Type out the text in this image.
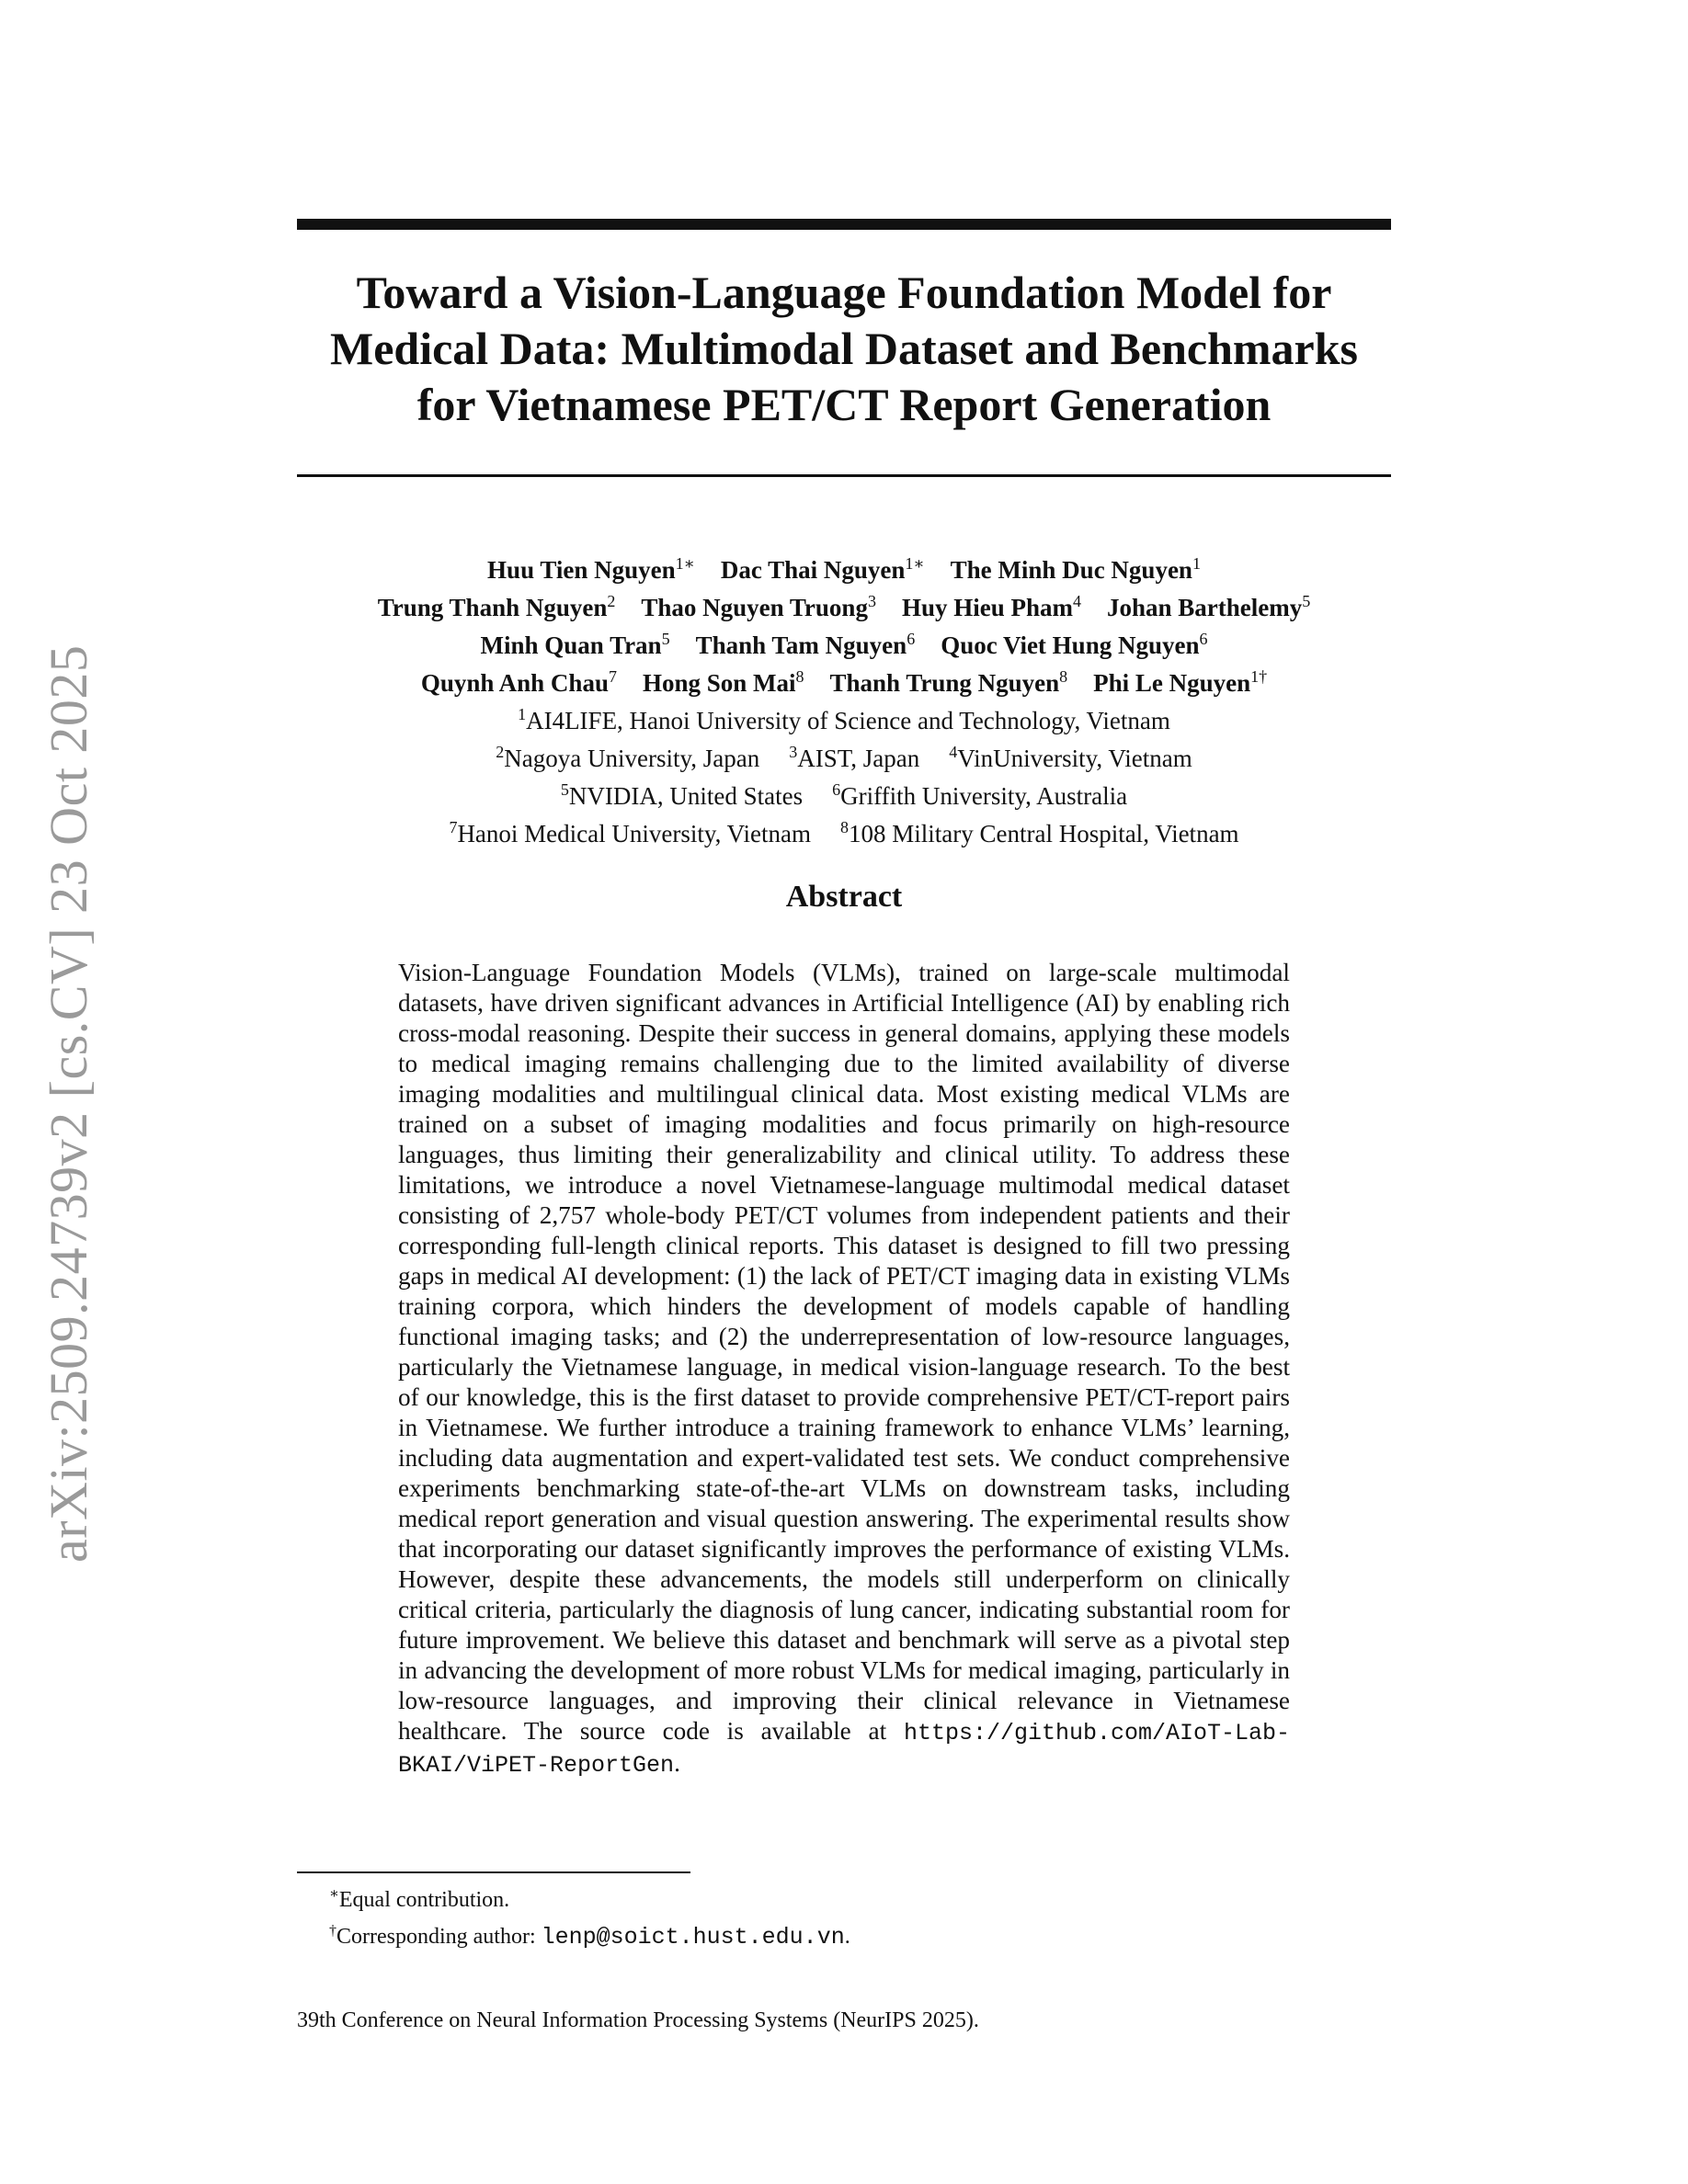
arXiv:2509.24739v2 [cs.CV] 23 Oct 2025
Toward a Vision-Language Foundation Model for
Medical Data: Multimodal Dataset and Benchmarks
for Vietnamese PET/CT Report Generation
Huu Tien Nguyen$^{1∗}$ Dac Thai Nguyen$^{1∗}$ The Minh Duc Nguyen$^1$
Trung Thanh Nguyen$^2$ Thao Nguyen Truong$^3$ Huy Hieu Pham$^4$ Johan Barthelemy$^5$
Minh Quan Tran$^5$ Thanh Tam Nguyen$^6$ Quoc Viet Hung Nguyen$^6$
Quynh Anh Chau$^7$ Hong Son Mai$^8$ Thanh Trung Nguyen$^8$ Phi Le Nguyen$^{1\dagger}$
$^1$AI4LIFE, Hanoi University of Science and Technology, Vietnam
$^2$Nagoya University, Japan $^3$AIST, Japan $^4$VinUniversity, Vietnam
$^5$NVIDIA, United States $^6$Griffith University, Australia
$^7$Hanoi Medical University, Vietnam $^8$108 Military Central Hospital, Vietnam
Abstract
Vision-Language Foundation Models (VLMs), trained on large-scale multimodal datasets, have driven significant advances in Artificial Intelligence (AI) by enabling rich cross-modal reasoning. Despite their success in general domains, applying these models to medical imaging remains challenging due to the limited availability of diverse imaging modalities and multilingual clinical data. Most existing medical VLMs are trained on a subset of imaging modalities and focus primarily on high-resource languages, thus limiting their generalizability and clinical utility. To address these limitations, we introduce a novel Vietnamese-language multimodal medical dataset consisting of 2,757 whole-body PET/CT volumes from independent patients and their corresponding full-length clinical reports. This dataset is designed to fill two pressing gaps in medical AI development: (1) the lack of PET/CT imaging data in existing VLMs training corpora, which hinders the development of models capable of handling functional imaging tasks; and (2) the underrepresentation of low-resource languages, particularly the Vietnamese language, in medical vision-language research. To the best of our knowledge, this is the first dataset to provide comprehensive PET/CT-report pairs in Vietnamese. We further introduce a training framework to enhance VLMs’ learning, including data augmentation and expert-validated test sets. We conduct comprehensive experiments benchmarking state-of-the-art VLMs on downstream tasks, including medical report generation and visual question answering. The experimental results show that incorporating our dataset significantly improves the performance of existing VLMs. However, despite these advancements, the models still underperform on clinically critical criteria, particularly the diagnosis of lung cancer, indicating substantial room for future improvement. We believe this dataset and benchmark will serve as a pivotal step in advancing the development of more robust VLMs for medical imaging, particularly in low-resource languages, and improving their clinical relevance in Vietnamese healthcare. The source code is available at https://github.com/AIoT-Lab-BKAI/ViPET-ReportGen.
∗Equal contribution.
†Corresponding author: lenp@soict.hust.edu.vn.
39th Conference on Neural Information Processing Systems (NeurIPS 2025).
